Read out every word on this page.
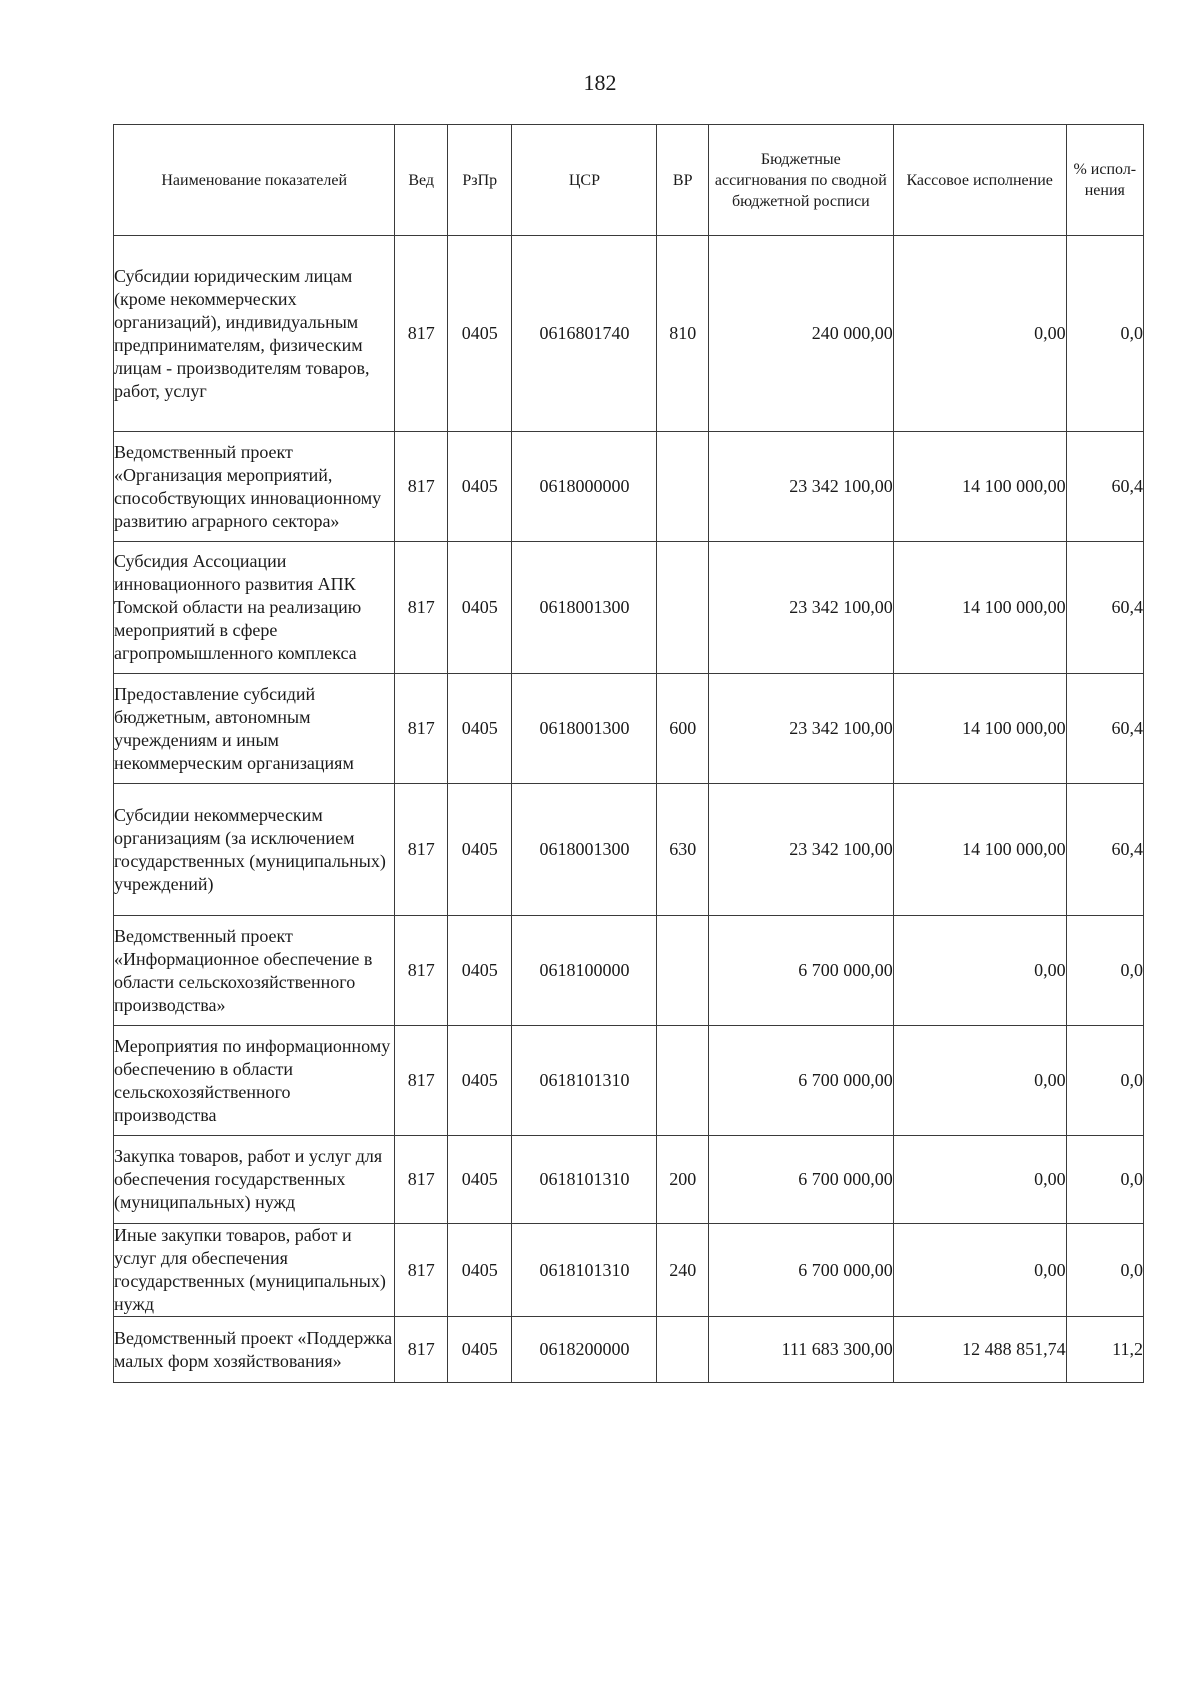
182
Наименование показателей	Вед	РзПр	ЦСР	ВР	Бюджетные ассигнования по сводной бюджетной росписи	Кассовое исполнение	% испол-нения
Субсидии юридическим лицам (кроме некоммерческих организаций), индивидуальным предпринимателям, физическим лицам - производителям товаров, работ, услуг	817	0405	0616801740	810	240 000,00	0,00	0,0
Ведомственный проект «Организация мероприятий, способствующих инновационному развитию аграрного сектора»	817	0405	0618000000		23 342 100,00	14 100 000,00	60,4
Субсидия Ассоциации инновационного развития АПК Томской области на реализацию мероприятий в сфере агропромышленного комплекса	817	0405	0618001300		23 342 100,00	14 100 000,00	60,4
Предоставление субсидий бюджетным, автономным учреждениям и иным некоммерческим организациям	817	0405	0618001300	600	23 342 100,00	14 100 000,00	60,4
Субсидии некоммерческим организациям (за исключением государственных (муниципальных) учреждений)	817	0405	0618001300	630	23 342 100,00	14 100 000,00	60,4
Ведомственный проект «Информационное обеспечение в области сельскохозяйственного производства»	817	0405	0618100000		6 700 000,00	0,00	0,0
Мероприятия по информационному обеспечению в области сельскохозяйственного производства	817	0405	0618101310		6 700 000,00	0,00	0,0
Закупка товаров, работ и услуг для обеспечения государственных (муниципальных) нужд	817	0405	0618101310	200	6 700 000,00	0,00	0,0
Иные закупки товаров, работ и услуг для обеспечения государственных (муниципальных) нужд	817	0405	0618101310	240	6 700 000,00	0,00	0,0
Ведомственный проект «Поддержка малых форм хозяйствования»	817	0405	0618200000		111 683 300,00	12 488 851,74	11,2
